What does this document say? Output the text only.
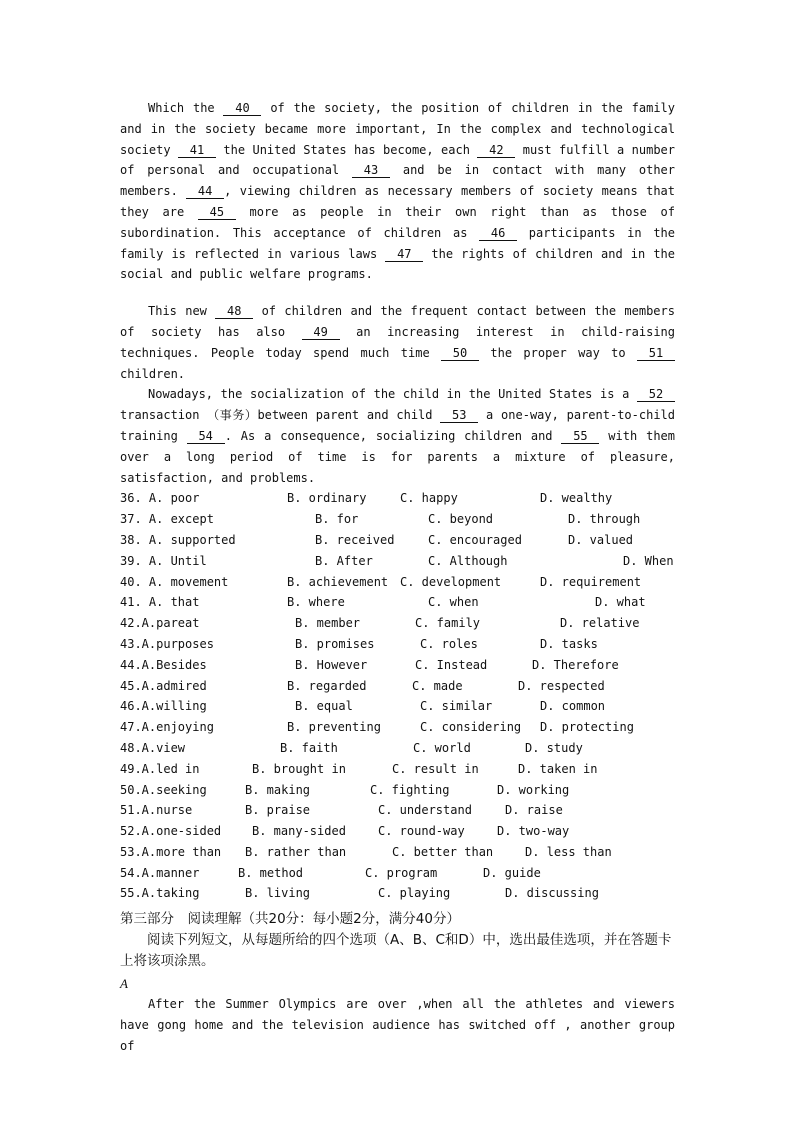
Which the 40 of the society, the position of children in the family and in the society became more important, In the complex and technological society 41 the United States has become, each 42 must fulfill a number of personal and occupational 43 and be in contact with many other members. 44 , viewing children as necessary members of society means that they are 45 more as people in their own right than as those of subordination. This acceptance of children as 46 participants in the family is reflected in various laws 47 the rights of children and in the social and public welfare programs.

This new 48 of children and the frequent contact between the members of society has also 49 an increasing interest in child-raising techniques. People today spend much time 50 the proper way to 51children.

Nowadays, the socialization of the child in the United States is a 52 transaction （事务）between parent and child 53 a one-way, parent-to-child training 54 . As a consequence, socializing children and 55 with them over a long period of time is for parents a mixture of pleasure, satisfaction, and problems.

36. A. poor	B. ordinary	C. happy	D. wealthy
37. A. except	B. for	C. beyond	D. through
38. A. supported	B. received	C. encouraged	D. valued
39. A. Until	B. After	C. Although	D. When
40. A. movement	B. achievement C. development	D. requirement
41. A. that	B. where	C. when	D. what
42.A.pareat	B. member	C. family	D. relative
43.A.purposes	B. promises	C. roles	D. tasks
44.A.Besides	B. However	C. Instead	D. Therefore
45.A.admired	B. regarded	C. made	D. respected
46.A.willing	B. equal	C. similar	D. common
47.A.enjoying	B. preventing	C. considering D. protecting
48.A.view	B. faith	C. world	D. study
49.A.led in	B. brought in	C. result in	D. taken in
50.A.seeking	B. making	C. fighting	D. working
51.A.nurse	B. praise	C. understand	D. raise
52.A.one-sided	B. many-sided	C. round-way	D. two-way
53.A.more than B. rather than	C. better than	D. less than
54.A.manner	B. method	C. program	D. guide
55.A.taking	B. living	C. playing	D. discussing
第三部分　阅读理解（共20分：每小题2分，满分40分）
阅读下列短文，从每题所给的四个选项（A、B、C和D）中，选出最佳选项，并在答题卡上将该项涂黑。
A

After the Summer Olympics are over ,when all the athletes and viewers have gong home and the television audience has switched off , another group of
